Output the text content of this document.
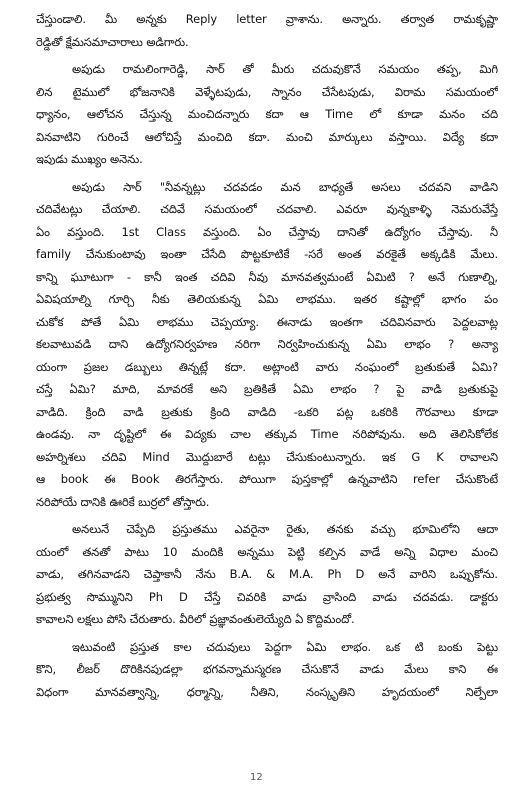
చేస్తుండాలి. మీ అన్నకు Reply letter వ్రాశాను. అన్నారు. తర్వాత రామకృష్ణా
రెడ్డితో క్షేమసమాచారాలు అడిగారు.
అపుడు రామలింగారెడ్డి, సార్ తో మీరు చదువుకొనే సమయం తప్ప, మిగి
లిన టైములో భోజనానికి వెళ్ళేటపుడు, స్నానం చేసేటపుడు, విరామ సమయంలో
ధ్యానం, ఆలోచన చేస్తున్న మంచిదన్నారు కదా ఆ Time లో కూడా మనం చది
వినవాటిని గురించే ఆలోచిస్తే మంచిది కదా. మంచి మార్కులు వస్తాయి. విద్యే కదా
ఇపుడు ముఖ్యం అనెను.
అపుడు సార్ "నీవన్నట్లు చదవడం మన బాధ్యతే అసలు చదవని వాడిని
చదివేటట్లు చేయాలి. చదివే సమయంలో చదవాలి. ఎవరూ వున్నకాళ్ళి నెమరువేస్తే
ఏం వస్తుంది. 1st Class వస్తుంది. ఏం చేస్తావు దానితో ఉద్యోగం చేస్తావు. నీ
family చేనుకుంటావు ఇంతా చేసేది పొట్టకూటికే -సరే అంత వరకైతే అక్కడికి మేలు.
కాన్ని ఘూటుగా - కానీ ఇంత చదివి నీవు మానవత్వమంటే ఏమిటి ? అనే గుణాల్ని,
ఏవిషయాల్ని గూర్చి నీకు తెలియకున్న ఏమి లాభము. ఇతర కష్టాల్లో భాగం పం
చుకోక పోతే ఏమి లాభము చెప్పయ్యా. ఈనాడు ఇంతగా చదివినవారు పెద్దలవాట్ల
కలవాటువడి దాని ఉద్యోగనిర్వహణ నరిగా నిర్వహించుకున్న ఏమి లాభం ? అన్యా
యంగా ప్రజల డబ్బులు తిన్నట్లే కదా. అట్లాంటి వారు నంఘంలో బ్రతుకుతే ఏమి?
చస్తే ఏమి? మాది, మావరకే అని బ్రతికితే ఏమి లాభం ? పై వాడి బ్రతుకుపై
వాడిది. క్రింది వాడి బ్రతుకు క్రింది వాడిది -ఒకరి పట్ల ఒకరికి గౌరవాలు కూడా
ఉండవు. నా దృష్టిలో ఈ విద్యకు చాల తక్కువ Time నరిపోవును. అది తెలిసికోలేక
అహర్నిశలు చదివి Mind మొద్దుబారే టట్లు చేసుకుంటున్నారు. ఇక G K రావాలని
ఆ book ఈ Book తిరగేస్తారు. పోయిగా పుస్తకాల్లో ఉన్నవాటిని refer చేసుకొంటే
నరిపోయే దానికి ఊరికే బుర్రలో తోస్తారు.
అనలునే చెప్పేది ప్రస్తుతము ఎవరైనా రైతు, తనకు వచ్చు భూమిలోని ఆదా
యంలో తనతో పాటు 10 మందికి అన్నము పెట్టి కల్పిన వాడే అన్ని విధాల మంచి
వాడు, తగినవాడని చెప్తాకానీ నేను B.A. & M.A. Ph D అనే వారిని ఒప్పుకోను.
ప్రభుత్వ సొమ్మునిని Ph D చేస్తే చివరికి వాడు వ్రాసింది వాడు చదవడు. డాక్టరు
కావాలని లక్షలు పోసి చేరుతారు. వీరిలో ప్రజ్ఞావంతులెయ్యేది ఏ కొద్దిమందో.
ఇటువంటి ప్రస్తుత కాల చదువులు పెద్దగా ఏమి లాభం. ఒక టి బంకు పెట్టు
కొని, లీజర్ దొరికినపుడల్లా భగవన్నామస్మరణ చేసుకొనే వాడు మేలు కాని ఈ
విధంగా మానవత్వాన్ని, ధర్మాన్ని, నీతిని, నంస్కృతిని హృదయంలో నిల్పేలా
12
